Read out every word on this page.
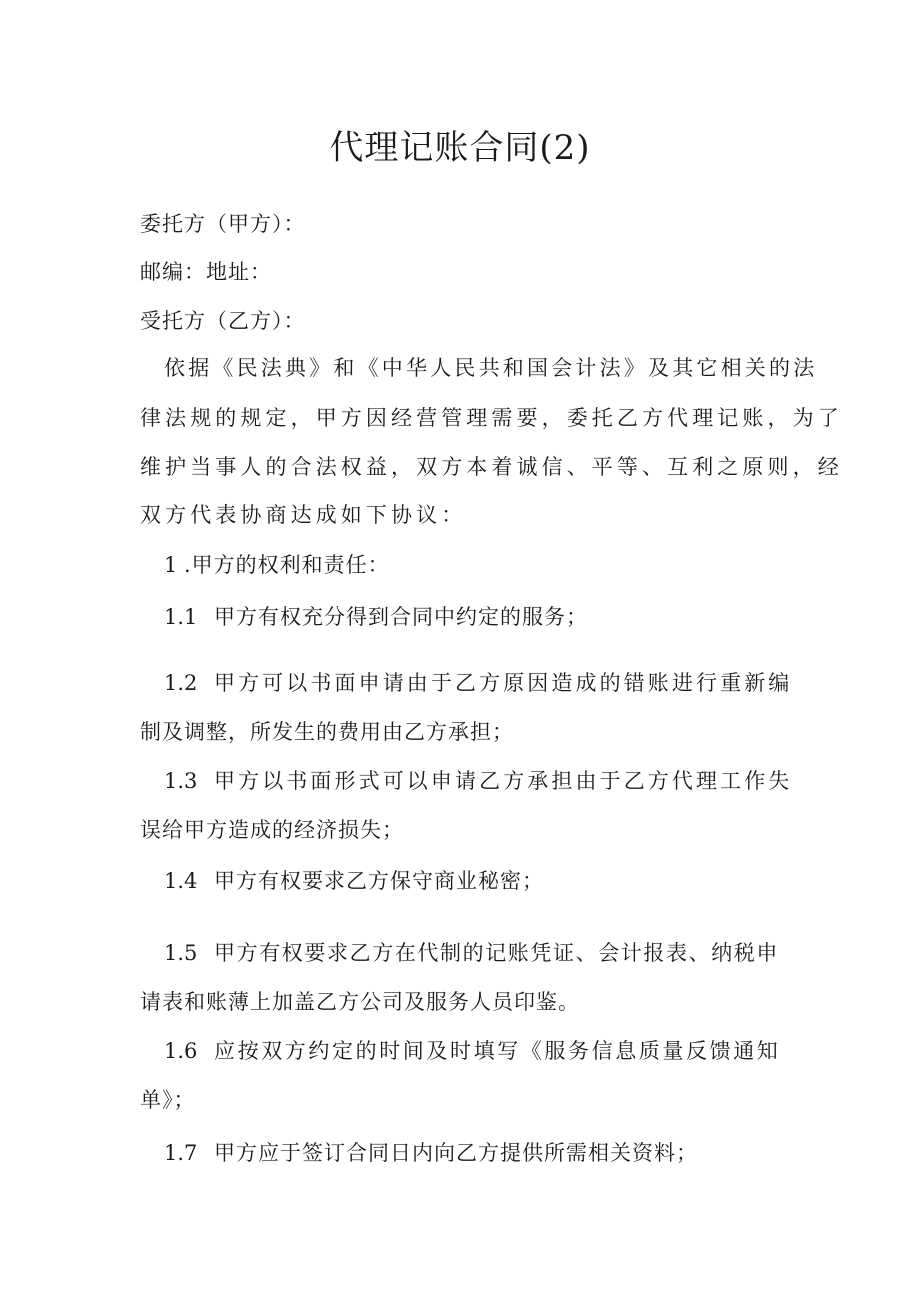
代理记账合同(2)
委托方（甲方）：
邮编：地址：
受托方（乙方）：
依据《民法典》和《中华人民共和国会计法》及其它相关的法
律法规的规定，甲方因经营管理需要，委托乙方代理记账，为了
维护当事人的合法权益，双方本着诚信、平等、互利之原则，经
双方代表协商达成如下协议：
1 .甲方的权利和责任：
1.1 甲方有权充分得到合同中约定的服务；
1.2 甲方可以书面申请由于乙方原因造成的错账进行重新编
制及调整，所发生的费用由乙方承担；
1.3 甲方以书面形式可以申请乙方承担由于乙方代理工作失
误给甲方造成的经济损失；
1.4 甲方有权要求乙方保守商业秘密；
1.5 甲方有权要求乙方在代制的记账凭证、会计报表、纳税申
请表和账薄上加盖乙方公司及服务人员印鉴。
1.6 应按双方约定的时间及时填写《服务信息质量反馈通知
单》；
1.7 甲方应于签订合同日内向乙方提供所需相关资料；
